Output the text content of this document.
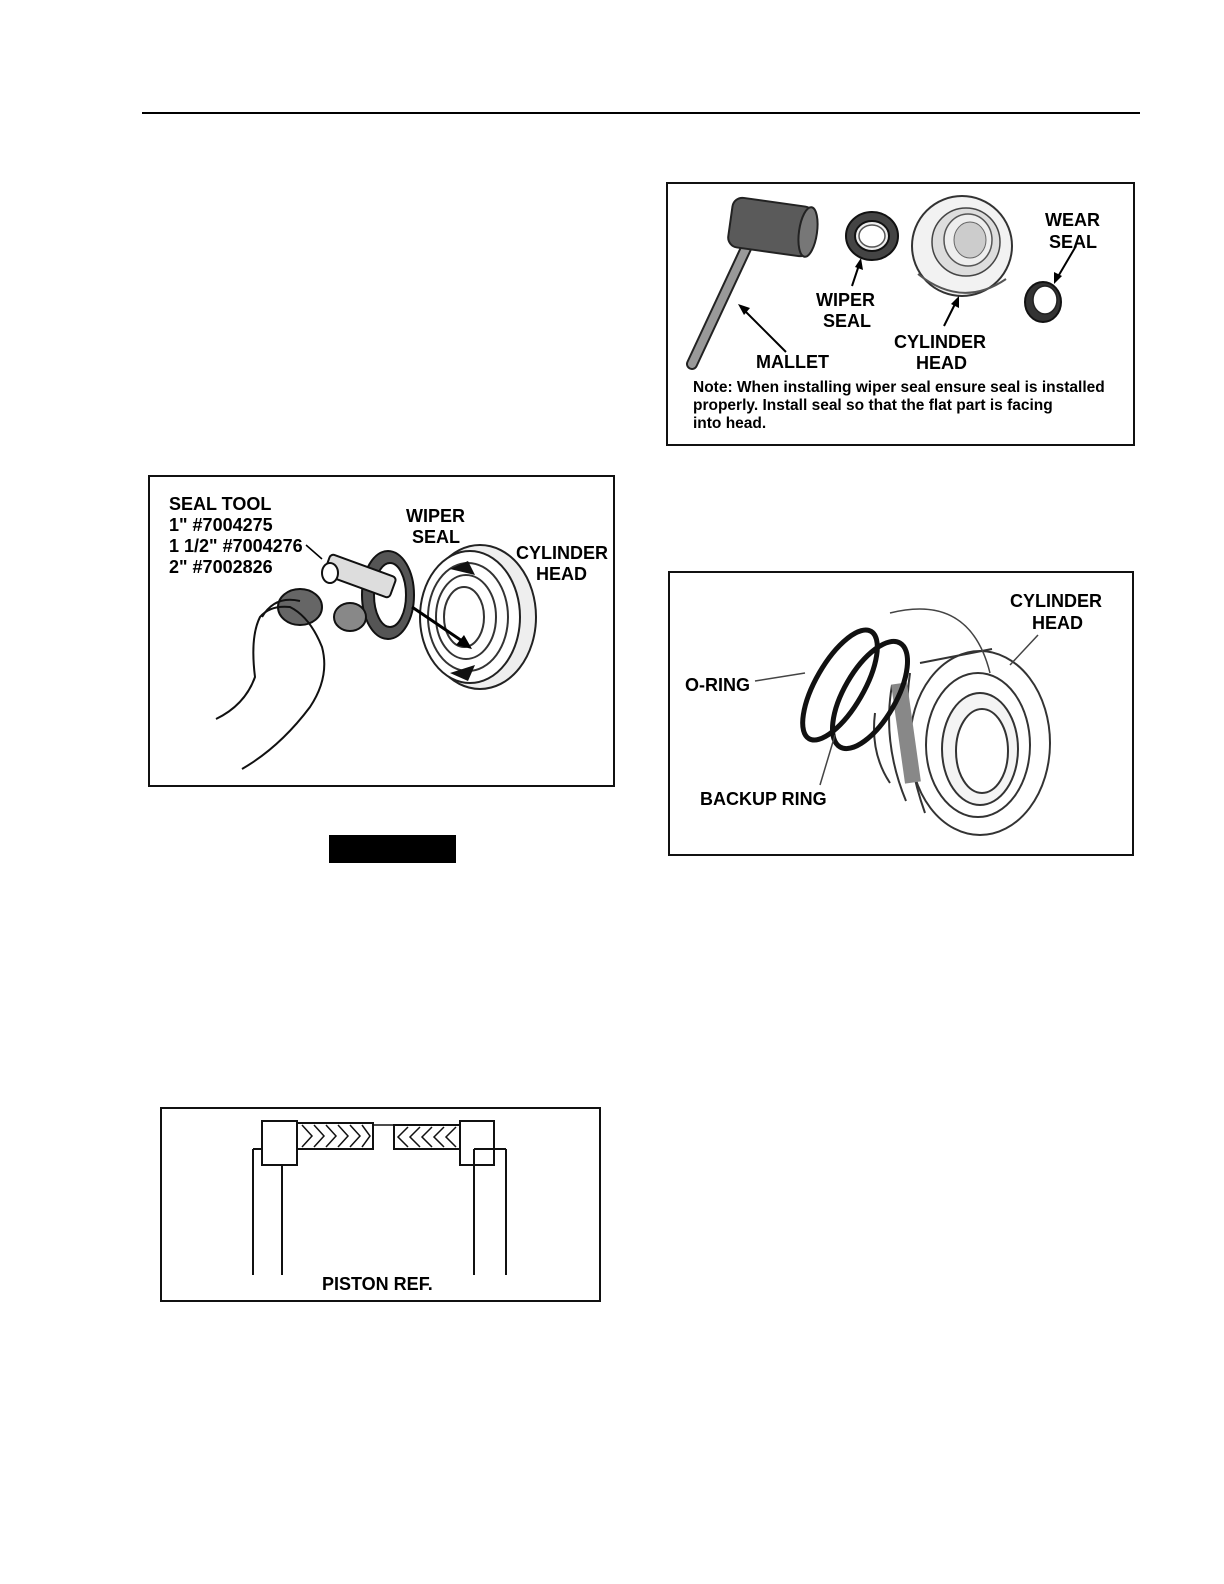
MALLET
WIPER
SEAL
CYLINDER
HEAD
WEAR
SEAL
Note: When installing wiper seal ensure seal is installed
properly. Install seal so that the flat part is facing
into head.
SEAL TOOL
1" #7004275
1 1/2" #7004276
2" #7002826
WIPER
SEAL
CYLINDER
HEAD
CYLINDER
HEAD
O-RING
BACKUP RING
PISTON REF.
